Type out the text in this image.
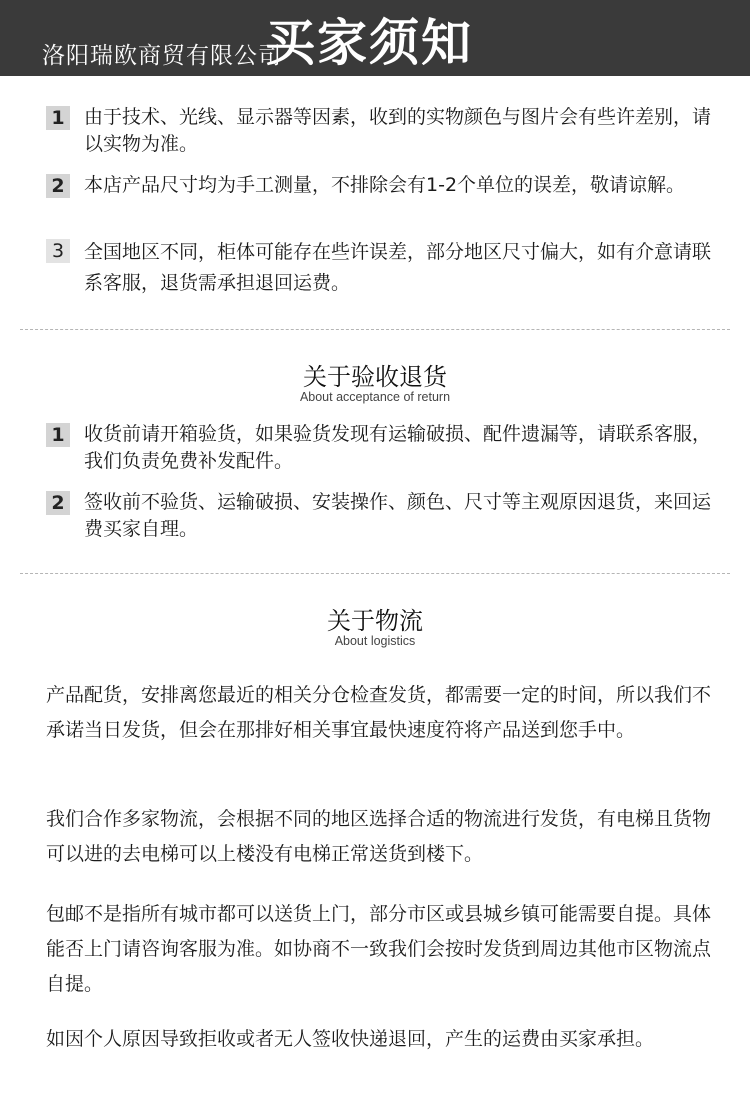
洛阳瑞欧商贸有限公司
买家须知
1 由于技术、光线、显示器等因素，收到的实物颜色与图片会有些许差别，请以实物为准。
2 本店产品尺寸均为手工测量，不排除会有1-2个单位的误差，敬请谅解。
3	全国地区不同，柜体可能存在些许误差，部分地区尺寸偏大，如有介意请联系客服，退货需承担退回运费。
关于验收退货
About acceptance of return
1 收货前请开箱验货，如果验货发现有运输破损、配件遗漏等，请联系客服，我们负责免费补发配件。
2 签收前不验货、运输破损、安装操作、颜色、尺寸等主观原因退货，来回运费买家自理。
关于物流
About logistics
产品配货，安排离您最近的相关分仓检查发货，都需要一定的时间，所以我们不承诺当日发货，但会在那排好相关事宜最快速度符将产品送到您手中。
我们合作多家物流，会根据不同的地区选择合适的物流进行发货，有电梯且货物可以进的去电梯可以上楼没有电梯正常送货到楼下。
包邮不是指所有城市都可以送货上门，部分市区或县城乡镇可能需要自提。具体能否上门请咨询客服为准。如协商不一致我们会按时发货到周边其他市区物流点自提。
如因个人原因导致拒收或者无人签收快递退回，产生的运费由买家承担。
